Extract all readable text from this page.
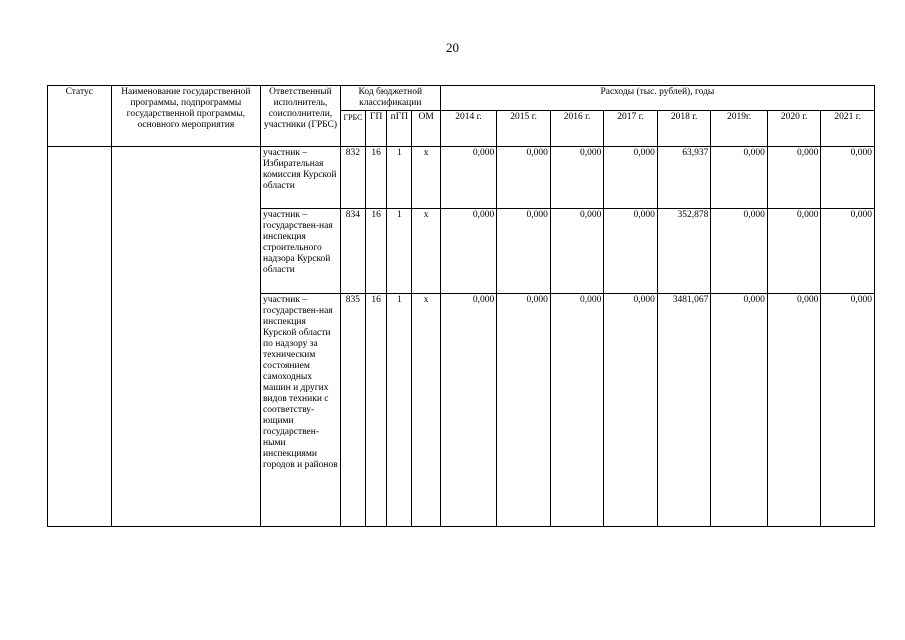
20
Статус	Наименование государственной программы, подпрограммы государственной программы, основного мероприятия	Ответственный исполнитель, соисполнители, участники (ГРБС)	Код бюджетной классификации				Расходы (тыс. рублей), годы							
			ГРБС	ГП	пГП	ОМ	2014 г.	2015 г.	2016 г.	2017 г.	2018 г.	2019г.	2020 г.	2021 г.
		участник – Избирательная комиссия Курской области	832	16	1	x	0,000	0,000	0,000	0,000	63,937	0,000	0,000	0,000
		участник – государствен-ная инспекция строительного надзора Курской области	834	16	1	x	0,000	0,000	0,000	0,000	352,878	0,000	0,000	0,000
		участник – государствен-ная инспекция Курской области по надзору за техническим состоянием самоходных машин и других видов техники с соответству-ющими государствен-ными инспекциями городов и районов	835	16	1	x	0,000	0,000	0,000	0,000	3481,067	0,000	0,000	0,000
